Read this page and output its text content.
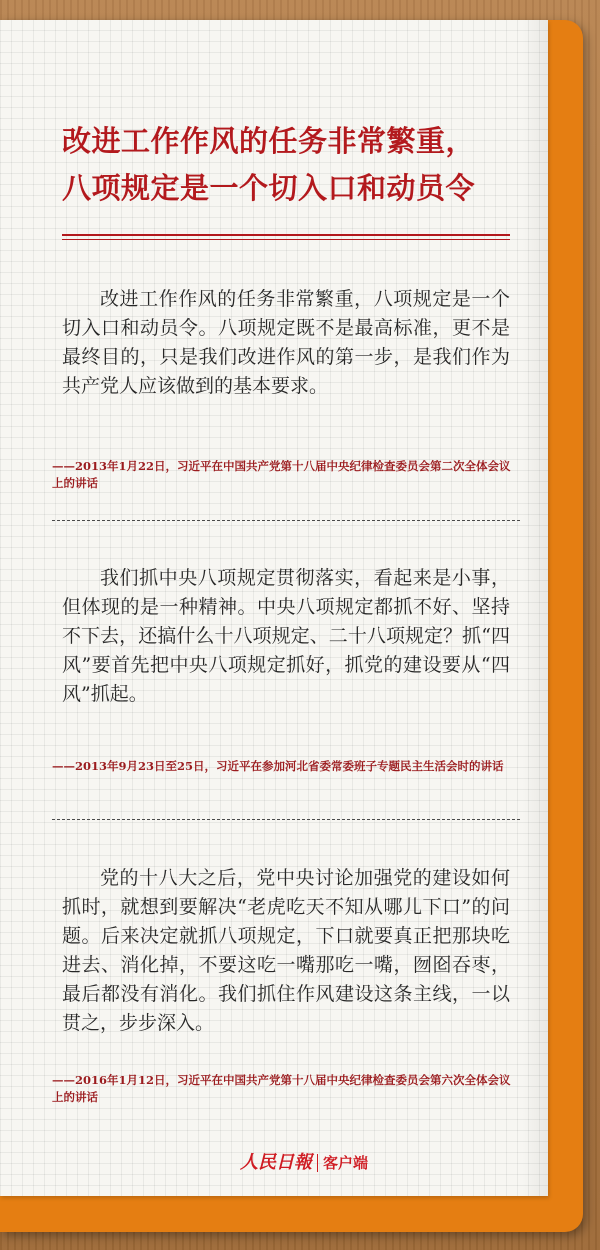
改进工作作风的任务非常繁重，
八项规定是一个切入口和动员令

改进工作作风的任务非常繁重，八项规定是一个切入口和动员令。八项规定既不是最高标准，更不是最终目的，只是我们改进作风的第一步，是我们作为共产党人应该做到的基本要求。

——2013年1月22日，习近平在中国共产党第十八届中央纪律检查委员会第二次全体会议上的讲话

我们抓中央八项规定贯彻落实，看起来是小事，但体现的是一种精神。中央八项规定都抓不好、坚持不下去，还搞什么十八项规定、二十八项规定？抓“四风”要首先把中央八项规定抓好，抓党的建设要从“四风”抓起。

——2013年9月23日至25日，习近平在参加河北省委常委班子专题民主生活会时的讲话

党的十八大之后，党中央讨论加强党的建设如何抓时，就想到要解决“老虎吃天不知从哪儿下口”的问题。后来决定就抓八项规定，下口就要真正把那块吃进去、消化掉，不要这吃一嘴那吃一嘴，囫囵吞枣，最后都没有消化。我们抓住作风建设这条主线，一以贯之，步步深入。

——2016年1月12日，习近平在中国共产党第十八届中央纪律检查委员会第六次全体会议上的讲话

人民日報 客户端
